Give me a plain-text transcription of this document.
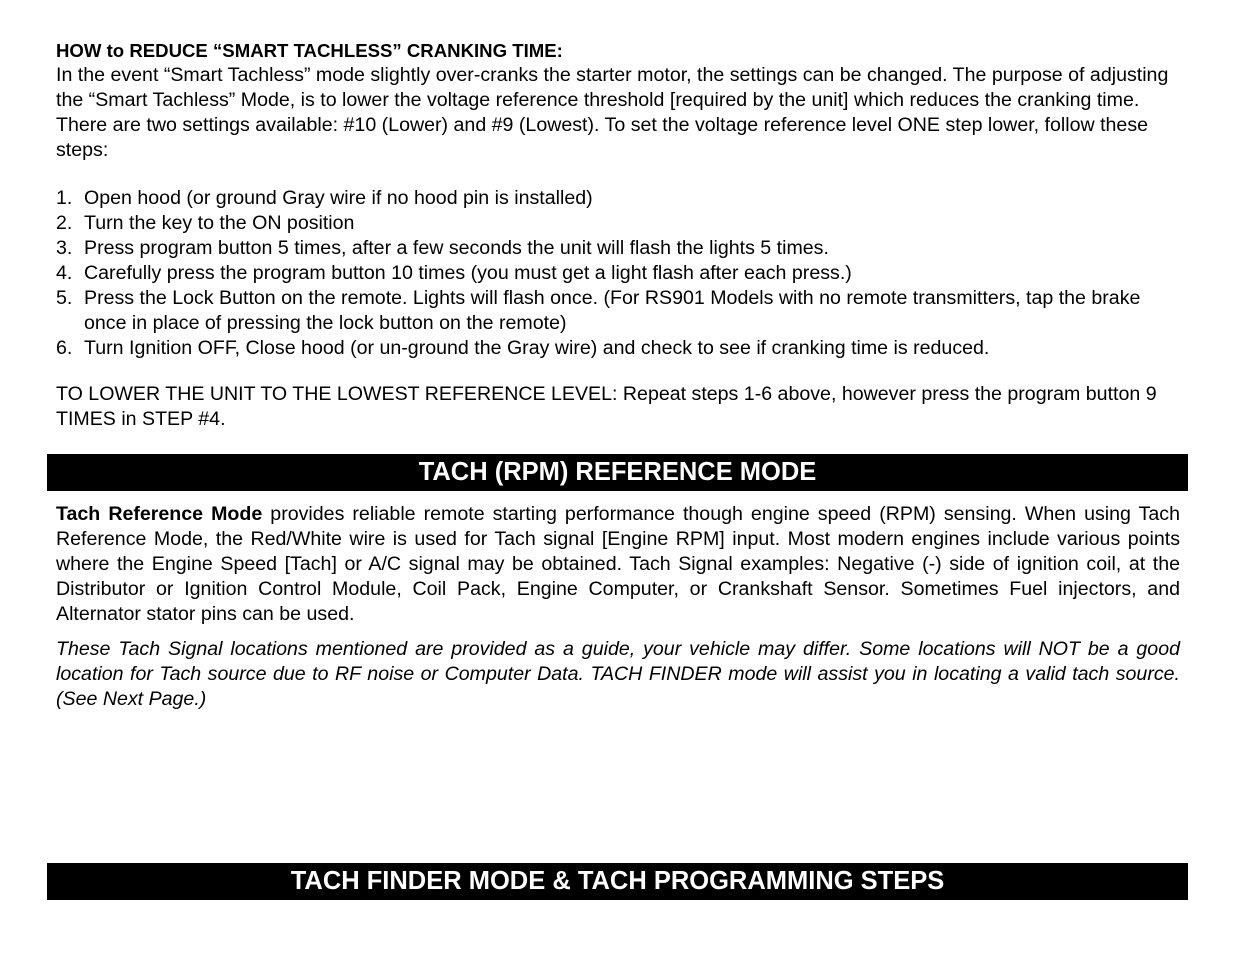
HOW to REDUCE “SMART TACHLESS” CRANKING TIME:

In the event “Smart Tachless” mode slightly over-cranks the starter motor, the settings can be changed. The purpose of adjusting the “Smart Tachless” Mode, is to lower the voltage reference threshold [required by the unit] which reduces the cranking time. There are two settings available: #10 (Lower) and #9 (Lowest). To set the voltage reference level ONE step lower, follow these steps:

1. Open hood (or ground Gray wire if no hood pin is installed)
2. Turn the key to the ON position
3. Press program button 5 times, after a few seconds the unit will flash the lights 5 times.
4. Carefully press the program button 10 times (you must get a light flash after each press.)
5. Press the Lock Button on the remote. Lights will flash once. (For RS901 Models with no remote transmitters, tap the brake once in place of pressing the lock button on the remote)
6. Turn Ignition OFF, Close hood (or un-ground the Gray wire) and check to see if cranking time is reduced.

TO LOWER THE UNIT TO THE LOWEST REFERENCE LEVEL: Repeat steps 1-6 above, however press the program button 9 TIMES in STEP #4.

TACH (RPM) REFERENCE MODE

Tach Reference Mode provides reliable remote starting performance though engine speed (RPM) sensing. When using Tach Reference Mode, the Red/White wire is used for Tach signal [Engine RPM] input. Most modern engines include various points where the Engine Speed [Tach] or A/C signal may be obtained. Tach Signal examples: Negative (-) side of ignition coil, at the Distributor or Ignition Control Module, Coil Pack, Engine Computer, or Crankshaft Sensor. Sometimes Fuel injectors, and Alternator stator pins can be used.

These Tach Signal locations mentioned are provided as a guide, your vehicle may differ. Some locations will NOT be a good location for Tach source due to RF noise or Computer Data. TACH FINDER mode will assist you in locating a valid tach source. (See Next Page.)

TACH FINDER MODE & TACH PROGRAMMING STEPS
